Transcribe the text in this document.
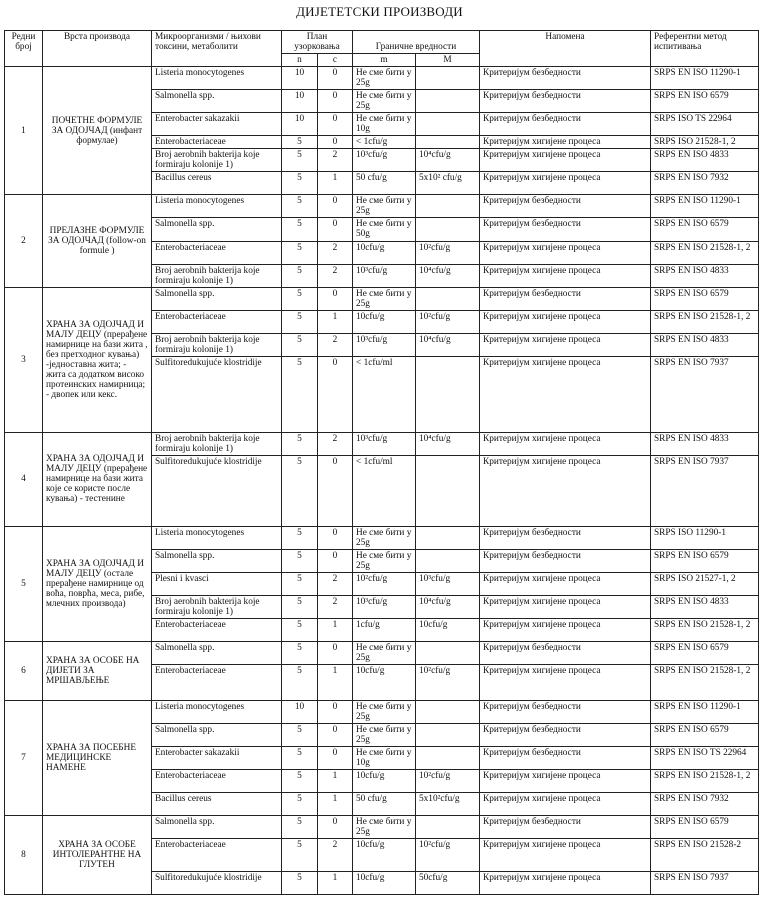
ДИЈЕТЕТСКИ ПРОИЗВОДИ
Редни број	Врста производа	Микроорганизми / њихови токсини, метаболити	План узорковања		Граничне вредности		Напомена	Референтни метод испитивања
			n	c	m	M		
1	ПОЧЕТНЕ ФОРМУЛЕ ЗА ОДОЈЧАД (инфант формулае)	Listeria monocytogenes	10	0	Не сме бити у 25g		Критеријум безбедности	SRPS EN ISO 11290-1
		Salmonella spp.	10	0	Не сме бити у 25g		Критеријум безбедности	SRPS EN ISO 6579
		Enterobacter sakazakii	10	0	Не сме бити у 10g		Критеријум безбедности	SRPS ISO TS 22964
		Enterobacteriaceae	5	0	< 1cfu/g		Критеријум хигијене процеса	SRPS ISO 21528-1, 2
		Broj aerobnih bakterija koje formiraju kolonije 1)	5	2	10³cfu/g	10⁴cfu/g	Критеријум хигијене процеса	SRPS EN ISO 4833
		Bacillus cereus	5	1	50 cfu/g	5x10² cfu/g	Критеријум хигијене процеса	SRPS EN ISO 7932
2	ПРЕЛАЗНЕ ФОРМУЛЕ ЗА ОДОЈЧАД (follow-on formule )	Listeria monocytogenes	5	0	Не сме бити у 25g		Критеријум безбедности	SRPS EN ISO 11290-1
		Salmonella spp.	5	0	Не сме бити у 50g		Критеријум безбедности	SRPS EN ISO 6579
		Enterobacteriaceae	5	2	10cfu/g	10²cfu/g	Критеријум хигијене процеса	SRPS EN ISO 21528-1, 2
		Broj aerobnih bakterija koje formiraju kolonije 1)	5	2	10³cfu/g	10⁴cfu/g	Критеријум хигијене процеса	SRPS EN ISO 4833
3	ХРАНА ЗА ОДОЈЧАД И МАЛУ ДЕЦУ (прерађене намирнице на бази жита , без претходног кувања) -једноставна жита; - жита са додатком високо протеинских намирница; - двопек или кекс.	Salmonella spp.	5	0	Не сме бити у 25g		Критеријум безбедности	SRPS EN ISO 6579
		Enterobacteriaceae	5	1	10cfu/g	10²cfu/g	Критеријум хигијене процеса	SRPS EN ISO 21528-1, 2
		Broj aerobnih bakterija koje formiraju kolonije 1)	5	2	10³cfu/g	10⁴cfu/g	Критеријум хигијене процеса	SRPS EN ISO 4833
		Sulfitoredukujuće klostridije	5	0	< 1cfu/ml		Критеријум хигијене процеса	SRPS EN ISO 7937
4	ХРАНА ЗА ОДОЈЧАД И МАЛУ ДЕЦУ (прерађене намирнице на бази жита које се користе после кувања) - тестенине	Broj aerobnih bakterija koje formiraju kolonije 1)	5	2	10³cfu/g	10⁴cfu/g	Критеријум хигијене процеса	SRPS EN ISO 4833
		Sulfitoredukujuće klostridije	5	0	< 1cfu/ml		Критеријум хигијене процеса	SRPS EN ISO 7937
5	ХРАНА ЗА ОДОЈЧАД И МАЛУ ДЕЦУ (остале прерађене намирнице од воћа, поврћа, меса, рибе, млечних производа)	Listeria monocytogenes	5	0	Не сме бити у 25g		Критеријум безбедности	SRPS ISO 11290-1
		Salmonella spp.	5	0	Не сме бити у 25g		Критеријум безбедности	SRPS EN ISO 6579
		Plesni i kvasci	5	2	10²cfu/g	10³cfu/g	Критеријум хигијене процеса	SRPS ISO 21527-1, 2
		Broj aerobnih bakterija koje formiraju kolonije 1)	5	2	10³cfu/g	10⁴cfu/g	Критеријум хигијене процеса	SRPS EN ISO 4833
		Enterobacteriaceae	5	1	1cfu/g	10cfu/g	Критеријум хигијене процеса	SRPS EN ISO 21528-1, 2
6	ХРАНА ЗА ОСОБЕ НА ДИЈЕТИ ЗА МРШАВЉЕЊЕ	Salmonella spp.	5	0	Не сме бити у 25g		Критеријум безбедности	SRPS EN ISO 6579
		Enterobacteriaceae	5	1	10cfu/g	10²cfu/g	Критеријум хигијене процеса	SRPS EN ISO 21528-1, 2
7	ХРАНА ЗА ПОСЕБНЕ МЕДИЦИНСКЕ НАМЕНЕ	Listeria monocytogenes	10	0	Не сме бити у 25g		Критеријум безбедности	SRPS EN ISO 11290-1
		Salmonella spp.	5	0	Не сме бити у 25g		Критеријум безбедности	SRPS EN ISO 6579
		Enterobacter sakazakii	5	0	Не сме бити у 10g		Критеријум безбедности	SRPS EN ISO TS 22964
		Enterobacteriaceae	5	1	10cfu/g	10²cfu/g	Критеријум хигијене процеса	SRPS EN ISO 21528-1, 2
		Bacillus cereus	5	1	50 cfu/g	5x10²cfu/g	Критеријум хигијене процеса	SRPS EN ISO 7932
8	ХРАНА ЗА ОСОБЕ ИНТОЛЕРАНТНЕ НА ГЛУТЕН	Salmonella spp.	5	0	Не сме бити у 25g		Критеријум безбедности	SRPS EN ISO 6579
		Enterobacteriaceae	5	2	10cfu/g	10²cfu/g	Критеријум хигијене процеса	SRPS EN ISO 21528-2
		Sulfitoredukujuće klostridije	5	1	10cfu/g	50cfu/g	Критеријум хигијене процеса	SRPS EN ISO 7937
